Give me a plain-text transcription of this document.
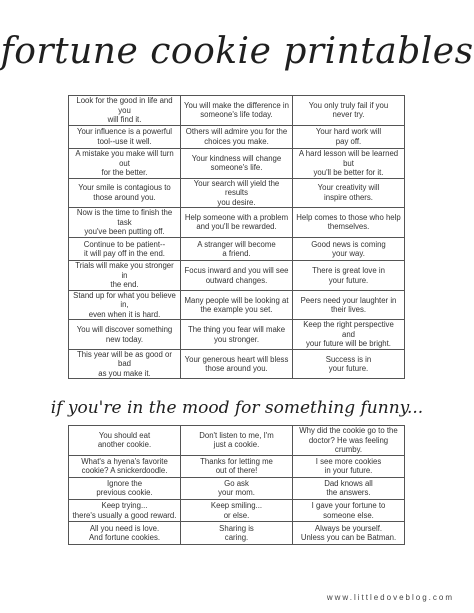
fortune cookie printables
Look for the good in life and you
will find it.	You will make the difference in
someone's life today.	You only truly fail if you
never try.

Your influence is a powerful
tool--use it well.	Others will admire you for the
choices you make.	Your hard work will
pay off.

A mistake you make will turn out
for the better.	Your kindness will change
someone's life.	A hard lesson will be learned but
you'll be better for it.

Your smile is contagious to
those around you.	Your search will yield the results
you desire.	Your creativity will
inspire others.

Now is the time to finish the task
you've been putting off.	Help someone with a problem
and you'll be rewarded.	Help comes to those who help
themselves.

Continue to be patient--
it will pay off in the end.	A stranger will become
a friend.	Good news is coming
your way.

Trials will make you stronger in
the end.	Focus inward and you will see
outward changes.	There is great love in
your future.

Stand up for what you believe in,
even when it is hard.	Many people will be looking at
the example you set.	Peers need your laughter in
their lives.

You will discover something
new today.	The thing you fear will make
you stronger.	Keep the right perspective and
your future will be bright.

This year will be as good or bad
as you make it.	Your generous heart will bless
those around you.	Success is in
your future.
if you're in the mood for something funny...
You should eat
another cookie.	Don't listen to me, I'm
just a cookie.	Why did the cookie go to the
doctor? He was feeling crumby.

What's a hyena's favorite
cookie? A snickerdoodle.	Thanks for letting me
out of there!	I see more cookies
in your future.

Ignore the
previous cookie.	Go ask
your mom.	Dad knows all
the answers.

Keep trying...
there's usually a good reward.	Keep smiling...
or else.	I gave your fortune to
someone else.

All you need is love.
And fortune cookies.	Sharing is
caring.	Always be yourself.
Unless you can be Batman.
www.littledoveblog.com
